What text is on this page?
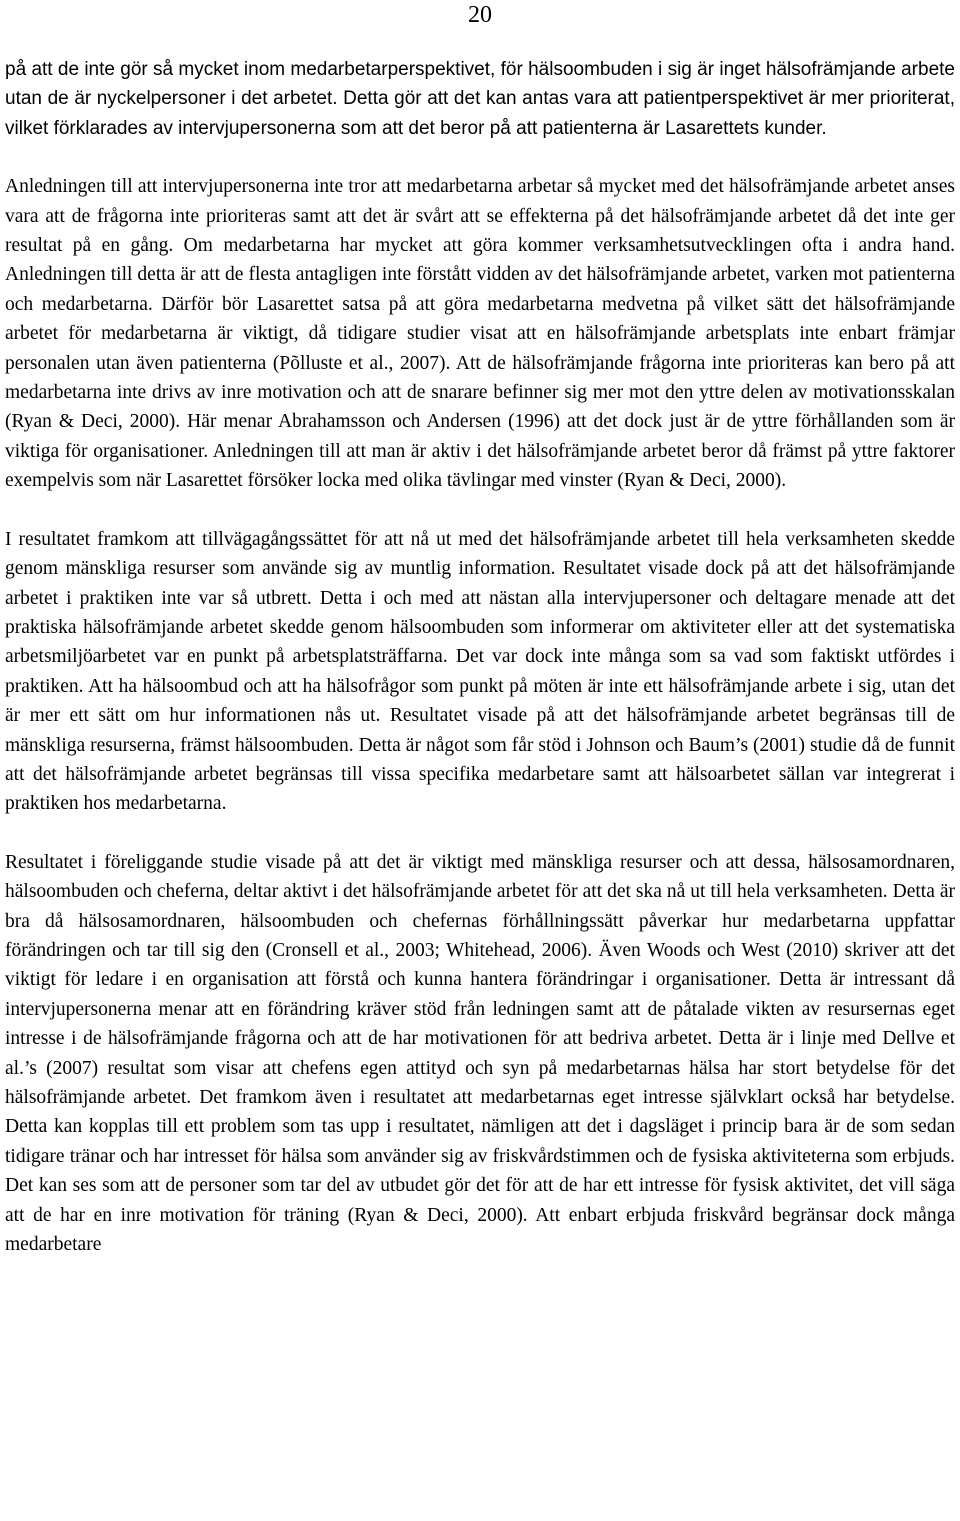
20

på att de inte gör så mycket inom medarbetarperspektivet, för hälsoombuden i sig är inget hälsofrämjande arbete utan de är nyckelpersoner i det arbetet. Detta gör att det kan antas vara att patientperspektivet är mer prioriterat, vilket förklarades av intervjupersonerna som att det beror på att patienterna är Lasarettets kunder.

Anledningen till att intervjupersonerna inte tror att medarbetarna arbetar så mycket med det hälsofrämjande arbetet anses vara att de frågorna inte prioriteras samt att det är svårt att se effekterna på det hälsofrämjande arbetet då det inte ger resultat på en gång. Om medarbetarna har mycket att göra kommer verksamhetsutvecklingen ofta i andra hand. Anledningen till detta är att de flesta antagligen inte förstått vidden av det hälsofrämjande arbetet, varken mot patienterna och medarbetarna. Därför bör Lasarettet satsa på att göra medarbetarna medvetna på vilket sätt det hälsofrämjande arbetet för medarbetarna är viktigt, då tidigare studier visat att en hälsofrämjande arbetsplats inte enbart främjar personalen utan även patienterna (Põlluste et al., 2007). Att de hälsofrämjande frågorna inte prioriteras kan bero på att medarbetarna inte drivs av inre motivation och att de snarare befinner sig mer mot den yttre delen av motivationsskalan (Ryan & Deci, 2000). Här menar Abrahamsson och Andersen (1996) att det dock just är de yttre förhållanden som är viktiga för organisationer. Anledningen till att man är aktiv i det hälsofrämjande arbetet beror då främst på yttre faktorer exempelvis som när Lasarettet försöker locka med olika tävlingar med vinster (Ryan & Deci, 2000).

I resultatet framkom att tillvägagångssättet för att nå ut med det hälsofrämjande arbetet till hela verksamheten skedde genom mänskliga resurser som använde sig av muntlig information. Resultatet visade dock på att det hälsofrämjande arbetet i praktiken inte var så utbrett. Detta i och med att nästan alla intervjupersoner och deltagare menade att det praktiska hälsofrämjande arbetet skedde genom hälsoombuden som informerar om aktiviteter eller att det systematiska arbetsmiljöarbetet var en punkt på arbetsplatsträffarna. Det var dock inte många som sa vad som faktiskt utfördes i praktiken. Att ha hälsoombud och att ha hälsofrågor som punkt på möten är inte ett hälsofrämjande arbete i sig, utan det är mer ett sätt om hur informationen nås ut. Resultatet visade på att det hälsofrämjande arbetet begränsas till de mänskliga resurserna, främst hälsoombuden. Detta är något som får stöd i Johnson och Baum’s (2001) studie då de funnit att det hälsofrämjande arbetet begränsas till vissa specifika medarbetare samt att hälsoarbetet sällan var integrerat i praktiken hos medarbetarna.

Resultatet i föreliggande studie visade på att det är viktigt med mänskliga resurser och att dessa, hälsosamordnaren, hälsoombuden och cheferna, deltar aktivt i det hälsofrämjande arbetet för att det ska nå ut till hela verksamheten. Detta är bra då hälsosamordnaren, hälsoombuden och chefernas förhållningssätt påverkar hur medarbetarna uppfattar förändringen och tar till sig den (Cronsell et al., 2003; Whitehead, 2006). Även Woods och West (2010) skriver att det viktigt för ledare i en organisation att förstå och kunna hantera förändringar i organisationer. Detta är intressant då intervjupersonerna menar att en förändring kräver stöd från ledningen samt att de påtalade vikten av resursernas eget intresse i de hälsofrämjande frågorna och att de har motivationen för att bedriva arbetet. Detta är i linje med Dellve et al.’s (2007) resultat som visar att chefens egen attityd och syn på medarbetarnas hälsa har stort betydelse för det hälsofrämjande arbetet. Det framkom även i resultatet att medarbetarnas eget intresse självklart också har betydelse. Detta kan kopplas till ett problem som tas upp i resultatet, nämligen att det i dagsläget i princip bara är de som sedan tidigare tränar och har intresset för hälsa som använder sig av friskvårdstimmen och de fysiska aktiviteterna som erbjuds. Det kan ses som att de personer som tar del av utbudet gör det för att de har ett intresse för fysisk aktivitet, det vill säga att de har en inre motivation för träning (Ryan & Deci, 2000). Att enbart erbjuda friskvård begränsar dock många medarbetare
